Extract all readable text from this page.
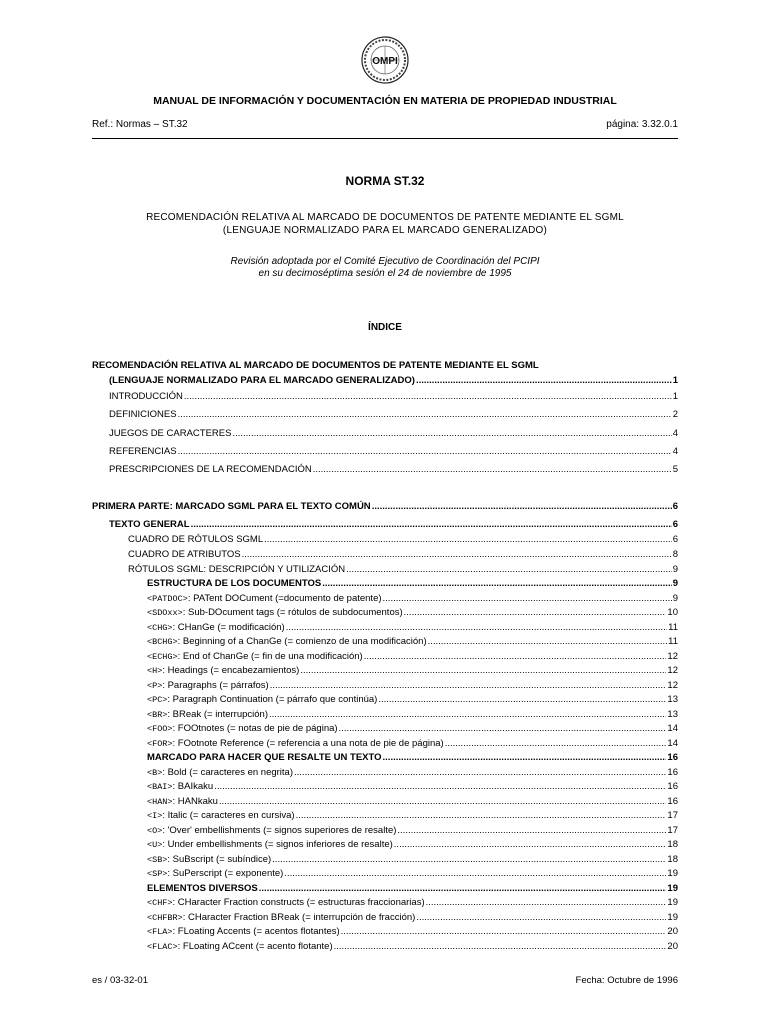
OMPI
MANUAL DE INFORMACIÓN Y DOCUMENTACIÓN EN MATERIA DE PROPIEDAD INDUSTRIAL
Ref.: Normas – ST.32	página: 3.32.0.1
NORMA ST.32
RECOMENDACIÓN RELATIVA AL MARCADO DE DOCUMENTOS DE PATENTE MEDIANTE EL SGML
(LENGUAJE NORMALIZADO PARA EL MARCADO GENERALIZADO)
Revisión adoptada por el Comité Ejecutivo de Coordinación del PCIPI
en su decimoséptima sesión el 24 de noviembre de 1995
ÍNDICE
RECOMENDACIÓN RELATIVA AL MARCADO DE DOCUMENTOS DE PATENTE MEDIANTE EL SGML
(LENGUAJE NORMALIZADO PARA EL MARCADO GENERALIZADO) .....	1
INTRODUCCIÓN .....	1
DEFINICIONES .....	2
JUEGOS DE CARACTERES .....	4
REFERENCIAS .....	4
PRESCRIPCIONES DE LA RECOMENDACIÓN .....	5
PRIMERA PARTE: MARCADO SGML PARA EL TEXTO COMÚN .....	6
TEXTO GENERAL .....	6
CUADRO DE RÓTULOS SGML .....	6
CUADRO DE ATRIBUTOS .....	8
RÓTULOS SGML: DESCRIPCIÓN Y UTILIZACIÓN .....	9
ESTRUCTURA DE LOS DOCUMENTOS .....	9
<PATDOC>: PATent DOCument (=documento de patente) .....	9
<SDOxx>: Sub-DOcument tags (= rótulos de subdocumentos) .....	10
<CHG>: CHanGe (= modificación) .....	11
<BCHG>: Beginning of a ChanGe (= comienzo de una modificación) .....	11
<ECHG>: End of ChanGe (= fin de una modificación) .....	12
<H>: Headings (= encabezamientos) .....	12
<P>: Paragraphs (= párrafos) .....	12
<PC>: Paragraph Continuation (= párrafo que continúa) .....	13
<BR>: BReak (= interrupción) .....	13
<FOO>: FOOtnotes (= notas de pie de página) .....	14
<FOR>: FOotnote Reference (= referencia a una nota de pie de página) .....	14
MARCADO PARA HACER QUE RESALTE UN TEXTO .....	16
<B>: Bold (= caracteres en negrita) .....	16
<BAI>: BAIkaku .....	16
<HAN>: HANkaku .....	16
<I>: Italic (= caracteres en cursiva) .....	17
<O>: 'Over' embellishments (= signos superiores de resalte) .....	17
<U>: Under embellishments (= signos inferiores de resalte) .....	18
<SB>: SuBscript (= subíndice) .....	18
<SP>: SuPerscript (= exponente) .....	19
ELEMENTOS DIVERSOS .....	19
<CHF>: CHaracter Fraction constructs (= estructuras fraccionarias) .....	19
<CHFBR>: CHaracter Fraction BReak (= interrupción de fracción) .....	19
<FLA>: FLoating Accents (= acentos flotantes) .....	20
<FLAC>: FLoating ACcent (= acento flotante) .....	20
es / 03-32-01	Fecha: Octubre de 1996
